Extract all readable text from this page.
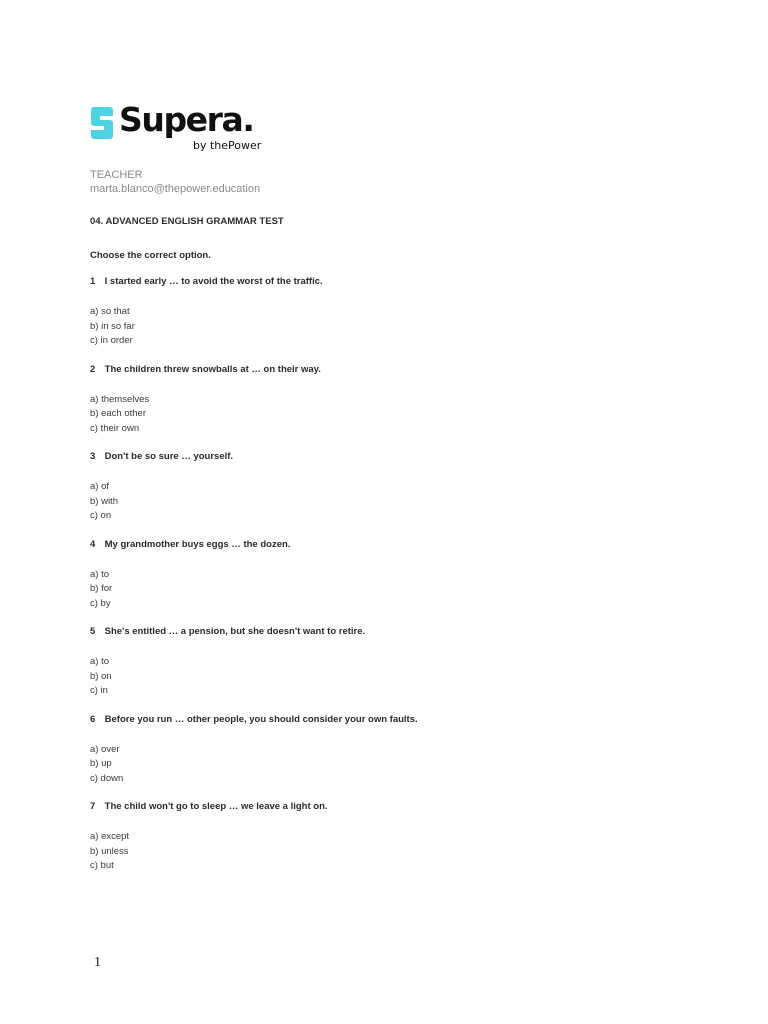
Supera.
by thePower
TEACHER
marta.blanco@thepower.education
04. ADVANCED ENGLISH GRAMMAR TEST
Choose the correct option.
1 I started early … to avoid the worst of the traffic.
a) so that
b) in so far
c) in order
2 The children threw snowballs at … on their way.
a) themselves
b) each other
c) their own
3 Don't be so sure … yourself.
a) of
b) with
c) on
4 My grandmother buys eggs … the dozen.
a) to
b) for
c) by
5 She's entitled … a pension, but she doesn't want to retire.
a) to
b) on
c) in
6 Before you run … other people, you should consider your own faults.
a) over
b) up
c) down
7 The child won't go to sleep … we leave a light on.
a) except
b) unless
c) but
1
